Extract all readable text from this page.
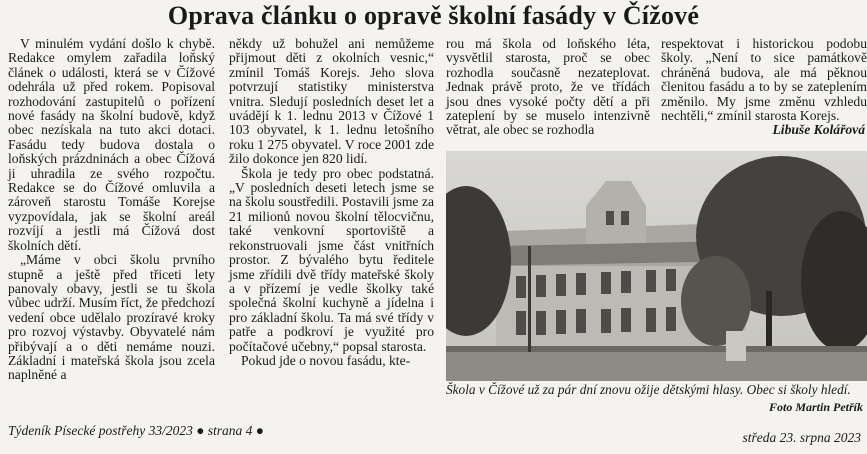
Oprava článku o opravě školní fasády v Čížové

V minulém vydání došlo k chybě. Redakce omylem zařadila loňský článek o události, která se v Čížové odehrála už před rokem. Popisoval rozhodování zastupitelů o pořízení nové fasády na školní budově, když obec nezískala na tuto akci dotaci. Fasádu tedy budova dostala o loňských prázdninách a obec Čížová ji uhradila ze svého rozpočtu. Redakce se do Čížové omluvila a zároveň starostu Tomáše Korejse vyzpovídala, jak se školní areál rozvíjí a jestli má Čížová dost školních dětí.

„Máme v obci školu prvního stupně a ještě před třiceti lety panovaly obavy, jestli se tu škola vůbec udrží. Musím říct, že předchozí vedení obce udělalo prozíravé kroky pro rozvoj výstavby. Obyvatelé nám přibývají a o děti nemáme nouzi. Základní i mateřská škola jsou zcela naplněné a

někdy už bohužel ani nemůžeme přijmout děti z okolních vesnic,“ zmínil Tomáš Korejs. Jeho slova potvrzují statistiky ministerstva vnitra. Sledují posledních deset let a uvádějí k 1. lednu 2013 v Čížové 1 103 obyvatel, k 1. lednu letošního roku 1 275 obyvatel. V roce 2001 zde žilo dokonce jen 820 lidí.

Škola je tedy pro obec podstatná. „V posledních deseti letech jsme se na školu soustředili. Postavili jsme za 21 milionů novou školní tělocvičnu, také venkovní sportoviště a rekonstruovali jsme část vnitřních prostor. Z bývalého bytu ředitele jsme zřídili dvě třídy mateřské školy a v přízemí je vedle školky také společná školní kuchyně a jídelna i pro základní školu. Ta má své třídy v patře a podkroví je využité pro počítačové učebny,“ popsal starosta.

Pokud jde o novou fasádu, kte-

rou má škola od loňského léta, vysvětlil starosta, proč se obec rozhodla současně nezateplovat. Jednak právě proto, že ve třídách jsou dnes vysoké počty dětí a při zateplení by se muselo intenzivně větrat, ale obec se rozhodla

respektovat i historickou podobu školy. „Není to sice památkově chráněná budova, ale má pěknou členitou fasádu a to by se zateplením změnilo. My jsme změnu vzhledu nechtěli,“ zmínil starosta Korejs.
Libuše Kolářová

Škola v Čížové už za pár dní znovu ožije dětskými hlasy. Obec si školy hledí.
Foto Martin Petřík
Týdeník Písecké postřehy 33/2023 ● strana 4 ●	středa 23. srpna 2023
